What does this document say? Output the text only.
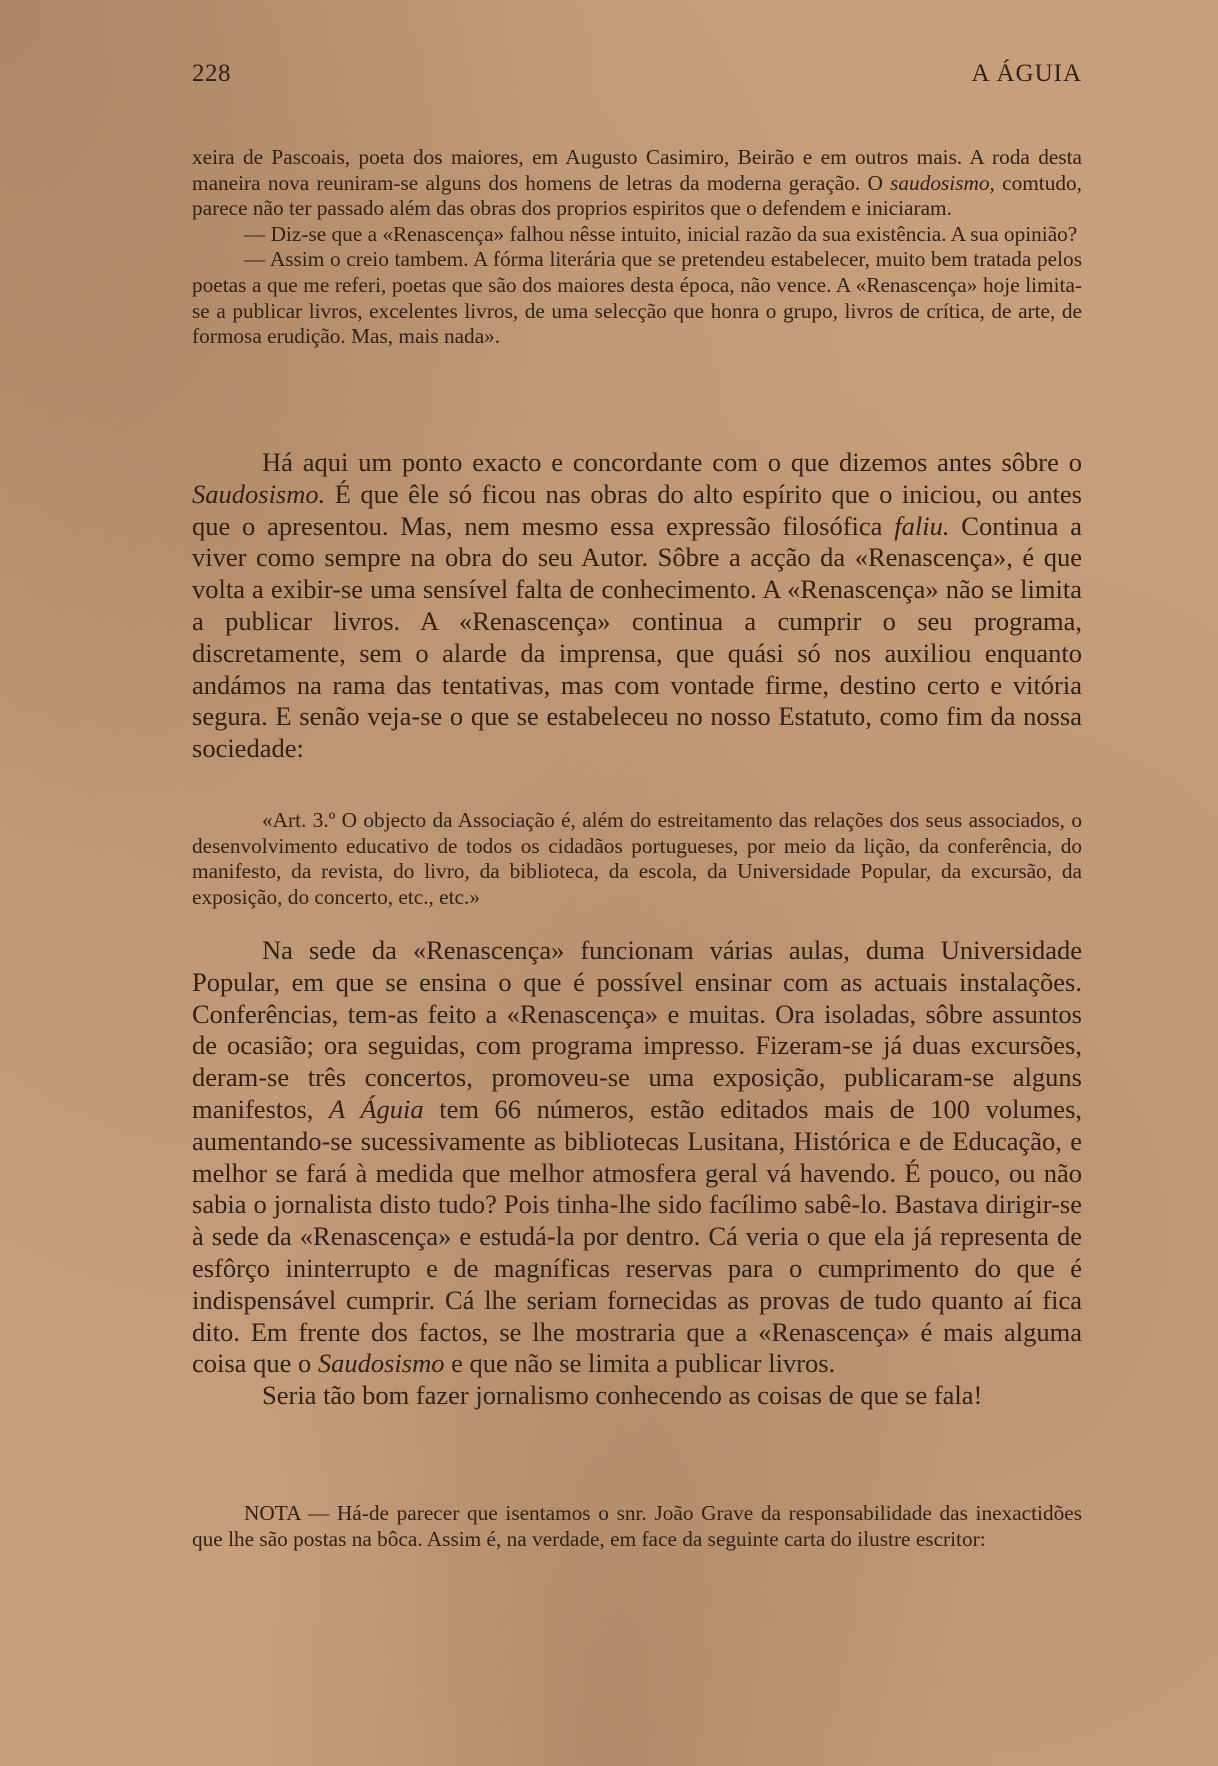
228	A ÁGUIA

xeira de Pascoais, poeta dos maiores, em Augusto Casimiro, Beirão e em outros mais. A roda desta maneira nova reuniram-se alguns dos homens de letras da moderna geração. O saudosismo, comtudo, parece não ter passado além das obras dos proprios espiritos que o defendem e iniciaram.

— Diz-se que a «Renascença» falhou nêsse intuito, inicial razão da sua existência. A sua opinião?

— Assim o creio tambem. A fórma literária que se pretendeu estabelecer, muito bem tratada pelos poetas a que me referi, poetas que são dos maiores desta época, não vence. A «Renascença» hoje limita-se a publicar livros, excelentes livros, de uma selecção que honra o grupo, livros de crítica, de arte, de formosa erudição. Mas, mais nada».

Há aqui um ponto exacto e concordante com o que dizemos antes sôbre o Saudosismo. É que êle só ficou nas obras do alto espírito que o iniciou, ou antes que o apresentou. Mas, nem mesmo essa expressão filosófica faliu. Continua a viver como sempre na obra do seu Autor. Sôbre a acção da «Renascença», é que volta a exibir-se uma sensível falta de conhecimento. A «Renascença» não se limita a publicar livros. A «Renascença» continua a cumprir o seu programa, discretamente, sem o alarde da imprensa, que quási só nos auxiliou enquanto andámos na rama das tentativas, mas com vontade firme, destino certo e vitória segura. E senão veja-se o que se estabeleceu no nosso Estatuto, como fim da nossa sociedade:

«Art. 3.º O objecto da Associação é, além do estreitamento das relações dos seus associados, o desenvolvimento educativo de todos os cidadãos portugueses, por meio da lição, da conferência, do manifesto, da revista, do livro, da biblioteca, da escola, da Universidade Popular, da excursão, da exposição, do concerto, etc., etc.»

Na sede da «Renascença» funcionam várias aulas, duma Universidade Popular, em que se ensina o que é possível ensinar com as actuais instalações. Conferências, tem-as feito a «Renascença» e muitas. Ora isoladas, sôbre assuntos de ocasião; ora seguidas, com programa impresso. Fizeram-se já duas excursões, deram-se três concertos, promoveu-se uma exposição, publicaram-se alguns manifestos, A Águia tem 66 números, estão editados mais de 100 volumes, aumentando-se sucessivamente as bibliotecas Lusitana, Histórica e de Educação, e melhor se fará à medida que melhor atmosfera geral vá havendo. É pouco, ou não sabia o jornalista disto tudo? Pois tinha-lhe sido facílimo sabê-lo. Bastava dirigir-se à sede da «Renascença» e estudá-la por dentro. Cá veria o que ela já representa de esfôrço ininterrupto e de magníficas reservas para o cumprimento do que é indispensável cumprir. Cá lhe seriam fornecidas as provas de tudo quanto aí fica dito. Em frente dos factos, se lhe mostraria que a «Renascença» é mais alguma coisa que o Saudosismo e que não se limita a publicar livros.

Seria tão bom fazer jornalismo conhecendo as coisas de que se fala!

NOTA — Há-de parecer que isentamos o snr. João Grave da responsabilidade das inexactidões que lhe são postas na bôca. Assim é, na verdade, em face da seguinte carta do ilustre escritor:
